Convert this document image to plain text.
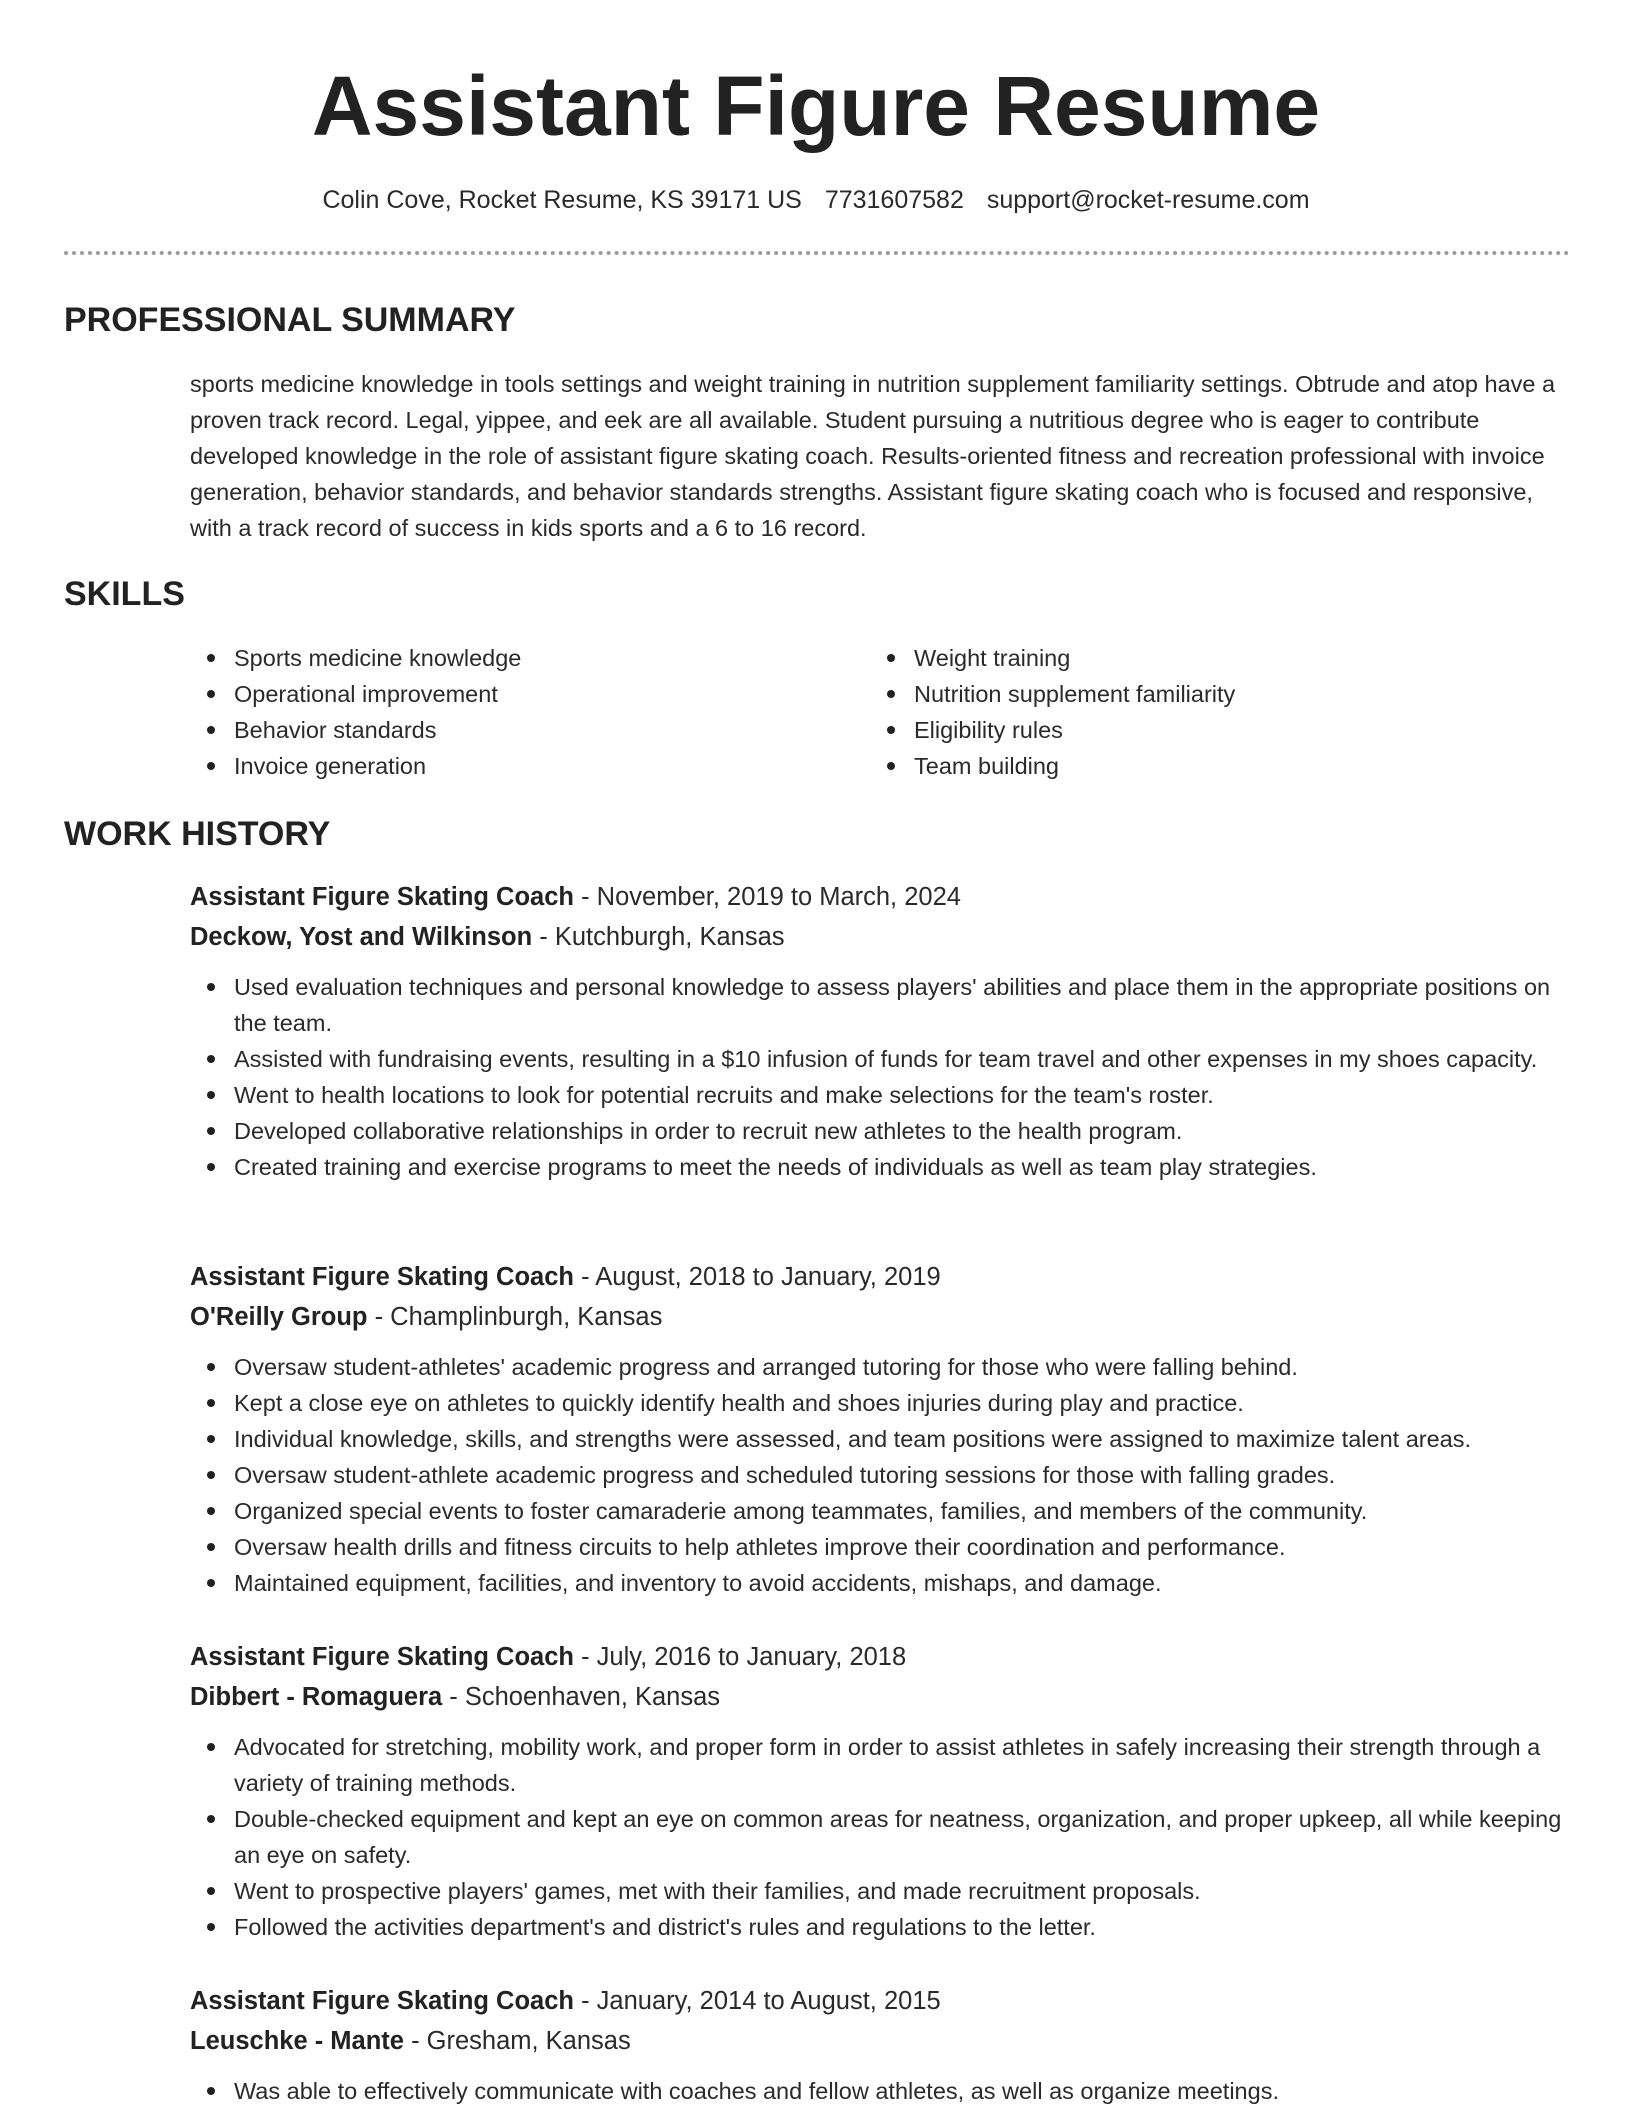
Assistant Figure Resume
Colin Cove, Rocket Resume, KS 39171 US 7731607582 support@rocket-resume.com
PROFESSIONAL SUMMARY

sports medicine knowledge in tools settings and weight training in nutrition supplement familiarity settings. Obtrude and atop have a proven track record. Legal, yippee, and eek are all available. Student pursuing a nutritious degree who is eager to contribute developed knowledge in the role of assistant figure skating coach. Results-oriented fitness and recreation professional with invoice generation, behavior standards, and behavior standards strengths. Assistant figure skating coach who is focused and responsive, with a track record of success in kids sports and a 6 to 16 record.

SKILLS
Sports medicine knowledge
Operational improvement
Behavior standards
Invoice generation
Weight training
Nutrition supplement familiarity
Eligibility rules
Team building
WORK HISTORY
Assistant Figure Skating Coach - November, 2019 to March, 2024
Deckow, Yost and Wilkinson - Kutchburgh, Kansas
Used evaluation techniques and personal knowledge to assess players' abilities and place them in the appropriate positions on the team.
Assisted with fundraising events, resulting in a $10 infusion of funds for team travel and other expenses in my shoes capacity.
Went to health locations to look for potential recruits and make selections for the team's roster.
Developed collaborative relationships in order to recruit new athletes to the health program.
Created training and exercise programs to meet the needs of individuals as well as team play strategies.
Assistant Figure Skating Coach - August, 2018 to January, 2019
O'Reilly Group - Champlinburgh, Kansas
Oversaw student-athletes' academic progress and arranged tutoring for those who were falling behind.
Kept a close eye on athletes to quickly identify health and shoes injuries during play and practice.
Individual knowledge, skills, and strengths were assessed, and team positions were assigned to maximize talent areas.
Oversaw student-athlete academic progress and scheduled tutoring sessions for those with falling grades.
Organized special events to foster camaraderie among teammates, families, and members of the community.
Oversaw health drills and fitness circuits to help athletes improve their coordination and performance.
Maintained equipment, facilities, and inventory to avoid accidents, mishaps, and damage.
Assistant Figure Skating Coach - July, 2016 to January, 2018
Dibbert - Romaguera - Schoenhaven, Kansas
Advocated for stretching, mobility work, and proper form in order to assist athletes in safely increasing their strength through a variety of training methods.
Double-checked equipment and kept an eye on common areas for neatness, organization, and proper upkeep, all while keeping an eye on safety.
Went to prospective players' games, met with their families, and made recruitment proposals.
Followed the activities department's and district's rules and regulations to the letter.
Assistant Figure Skating Coach - January, 2014 to August, 2015
Leuschke - Mante - Gresham, Kansas
Was able to effectively communicate with coaches and fellow athletes, as well as organize meetings.
